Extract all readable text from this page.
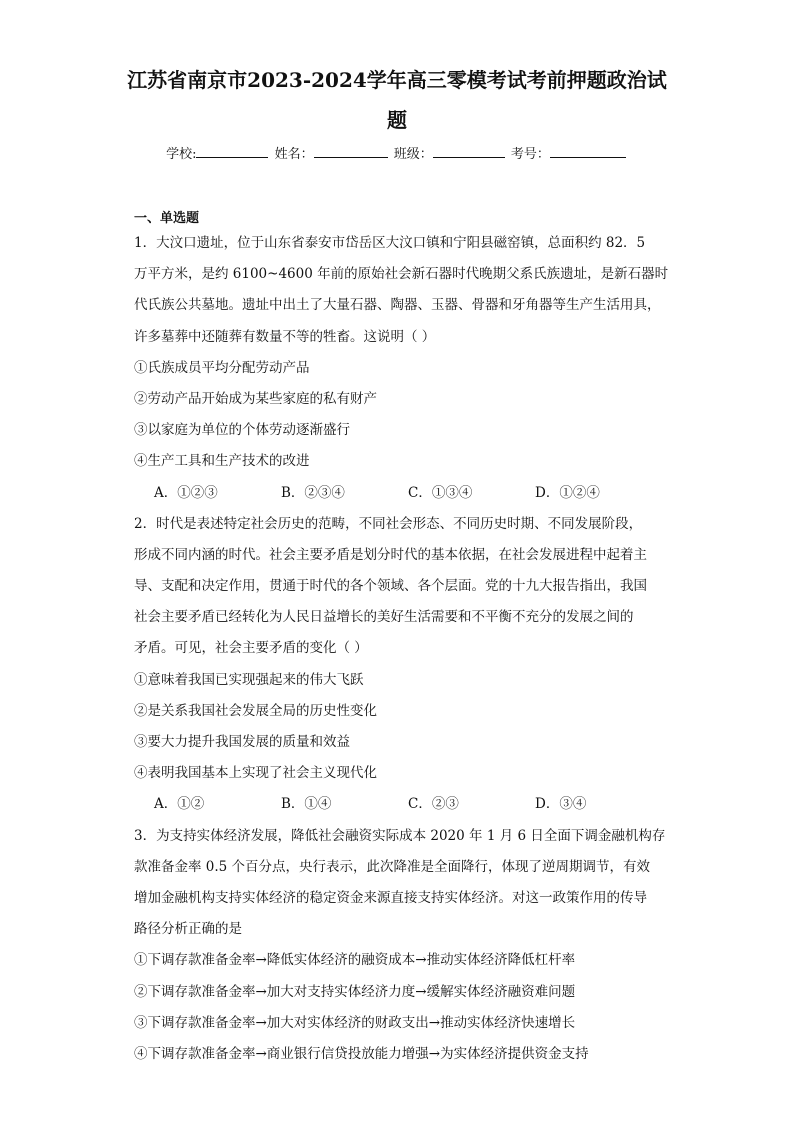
江苏省南京市2023-2024学年高三零模考试考前押题政治试
题
学校:	姓名：	班级：	考号：
一、单选题
1．大汶口遗址，位于山东省泰安市岱岳区大汶口镇和宁阳县磁窑镇，总面积约 82．5
万平方米，是约 6100~4600 年前的原始社会新石器时代晚期父系氏族遗址，是新石器时
代氏族公共墓地。遗址中出土了大量石器、陶器、玉器、骨器和牙角器等生产生活用具，
许多墓葬中还随葬有数量不等的牲畜。这说明（ ）
①氏族成员平均分配劳动产品
②劳动产品开始成为某些家庭的私有财产
③以家庭为单位的个体劳动逐渐盛行
④生产工具和生产技术的改进
A．①②③	B．②③④	C．①③④	D．①②④
2．时代是表述特定社会历史的范畴，不同社会形态、不同历史时期、不同发展阶段，
形成不同内涵的时代。社会主要矛盾是划分时代的基本依据，在社会发展进程中起着主
导、支配和决定作用，贯通于时代的各个领域、各个层面。党的十九大报告指出，我国
社会主要矛盾已经转化为人民日益增长的美好生活需要和不平衡不充分的发展之间的
矛盾。可见，社会主要矛盾的变化（ ）
①意味着我国已实现强起来的伟大飞跃
②是关系我国社会发展全局的历史性变化
③要大力提升我国发展的质量和效益
④表明我国基本上实现了社会主义现代化
A．①②	B．①④	C．②③	D．③④
3．为支持实体经济发展，降低社会融资实际成本 2020 年 1 月 6 日全面下调金融机构存
款准备金率 0.5 个百分点，央行表示，此次降准是全面降行，体现了逆周期调节，有效
增加金融机构支持实体经济的稳定资金来源直接支持实体经济。对这一政策作用的传导
路径分析正确的是
①下调存款准备金率→降低实体经济的融资成本→推动实体经济降低杠杆率
②下调存款准备金率→加大对支持实体经济力度→缓解实体经济融资难问题
③下调存款准备金率→加大对实体经济的财政支出→推动实体经济快速增长
④下调存款准备金率→商业银行信贷投放能力增强→为实体经济提供资金支持
